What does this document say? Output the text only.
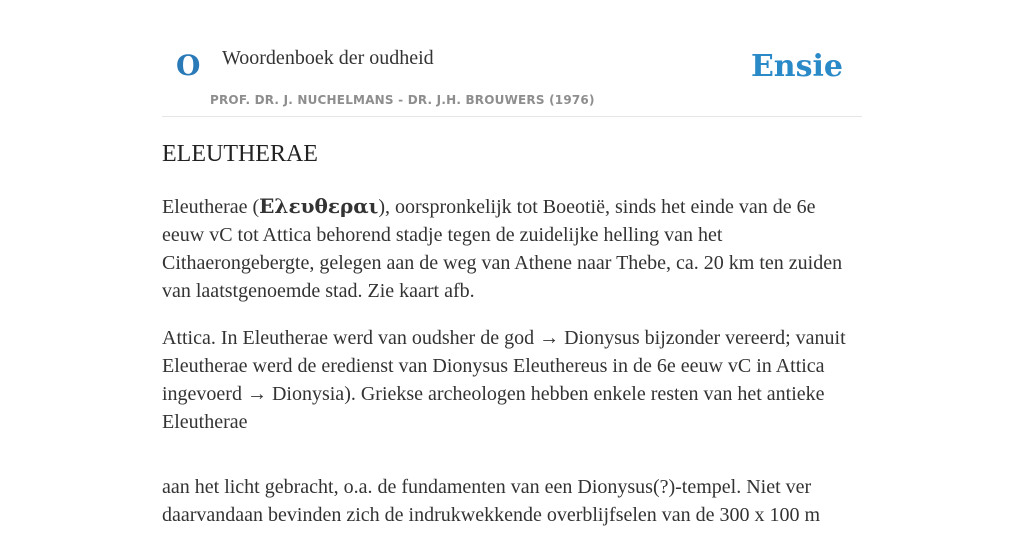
O Woordenboek der oudheid
PROF. DR. J. NUCHELMANS - DR. J.H. BROUWERS (1976)
Ensie
ELEUTHERAE

Eleutherae (Ελευθεραι), oorspronkelijk tot Boeotië, sinds het einde van de 6e eeuw vC tot Attica behorend stadje tegen de zuidelijke helling van het Cithaerongebergte, gelegen aan de weg van Athene naar Thebe, ca. 20 km ten zuiden van laatstgenoemde stad. Zie kaart afb.

Attica. In Eleutherae werd van oudsher de god → Dionysus bijzonder vereerd; vanuit Eleutherae werd de eredienst van Dionysus Eleuthereus in de 6e eeuw vC in Attica ingevoerd → Dionysia). Griekse archeologen hebben enkele resten van het antieke Eleutherae

aan het licht gebracht, o.a. de fundamenten van een Dionysus(?)-tempel. Niet ver daarvandaan bevinden zich de indrukwekkende overblijfselen van de 300 x 100 m
